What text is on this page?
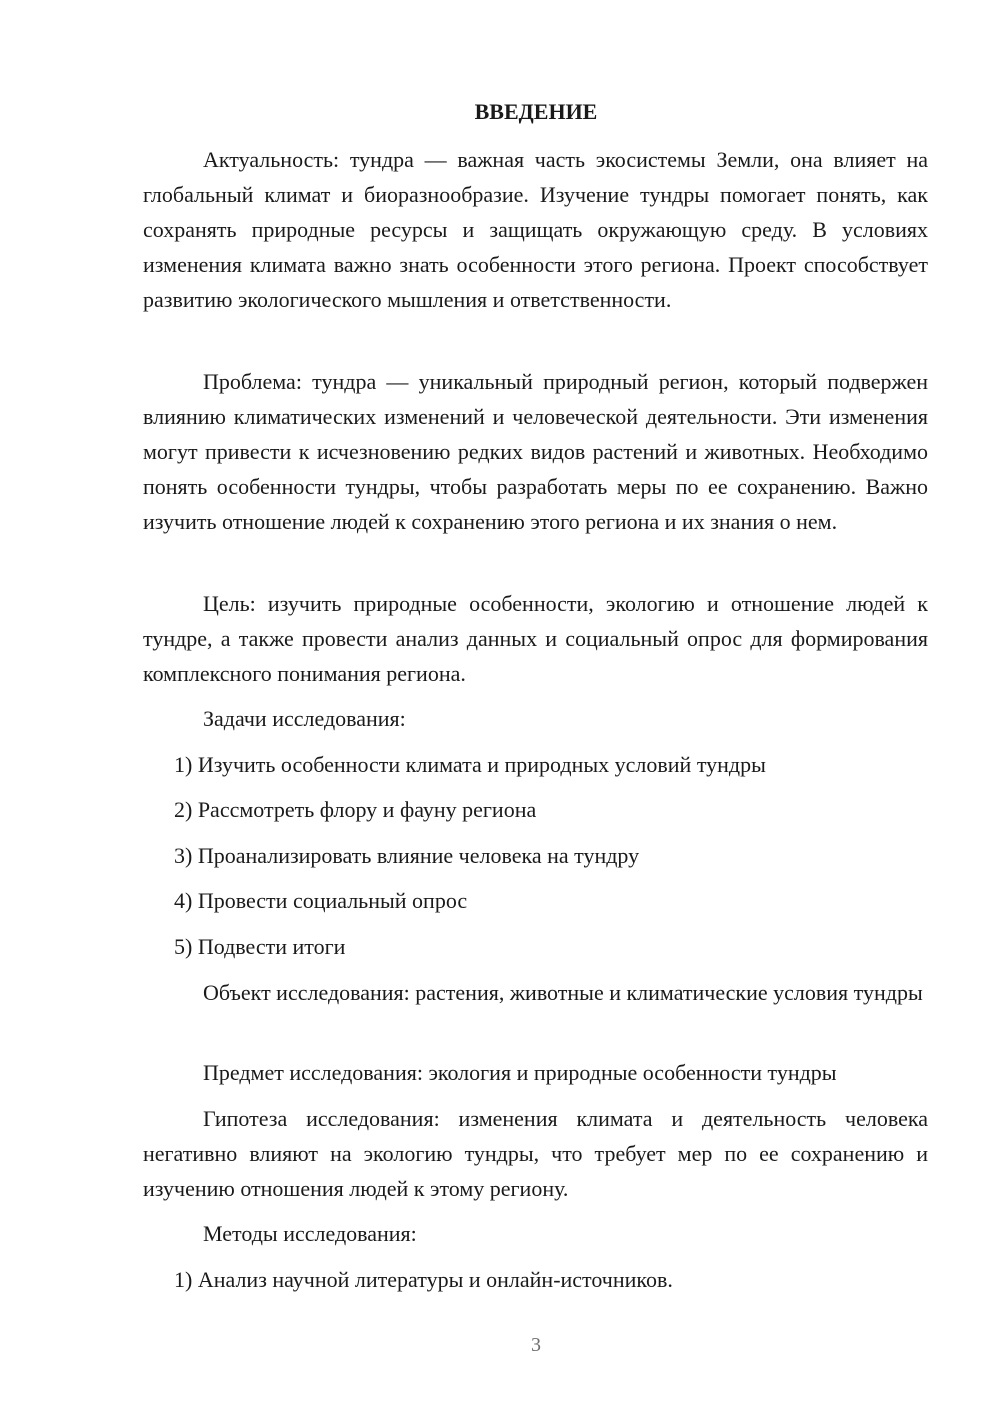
ВВЕДЕНИЕ

Актуальность: тундра — важная часть экосистемы Земли, она влияет на глобальный климат и биоразнообразие. Изучение тундры помогает понять, как сохранять природные ресурсы и защищать окружающую среду. В условиях изменения климата важно знать особенности этого региона. Проект способствует развитию экологического мышления и ответственности.

Проблема: тундра — уникальный природный регион, который подвержен влиянию климатических изменений и человеческой деятельности. Эти изменения могут привести к исчезновению редких видов растений и животных. Необходимо понять особенности тундры, чтобы разработать меры по ее сохранению. Важно изучить отношение людей к сохранению этого региона и их знания о нем.

Цель: изучить природные особенности, экологию и отношение людей к тундре, а также провести анализ данных и социальный опрос для формирования комплексного понимания региона.

Задачи исследования:

1) Изучить особенности климата и природных условий тундры

2) Рассмотреть флору и фауну региона

3) Проанализировать влияние человека на тундру

4) Провести социальный опрос

5) Подвести итоги

Объект исследования: растения, животные и климатические условия тундры

Предмет исследования: экология и природные особенности тундры

Гипотеза исследования: изменения климата и деятельность человека негативно влияют на экологию тундры, что требует мер по ее сохранению и изучению отношения людей к этому региону.

Методы исследования:

1) Анализ научной литературы и онлайн-источников.

3
